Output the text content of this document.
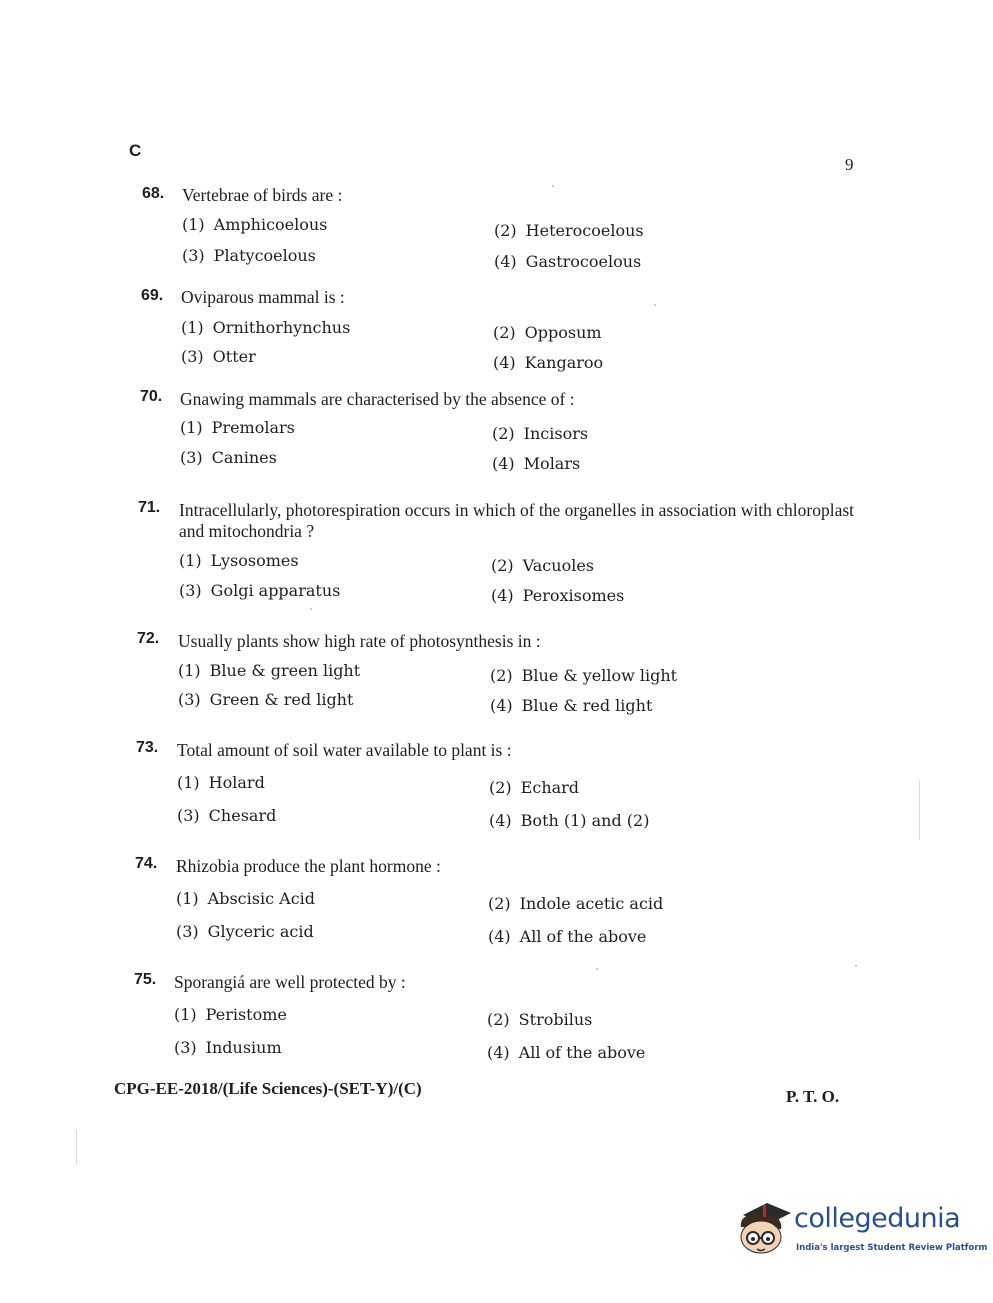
C
9
68. Vertebrae of birds are :
(1) Amphicoelous	(2) Heterocoelous
(3) Platycoelous	(4) Gastrocoelous
69. Oviparous mammal is :
(1) Ornithorhynchus	(2) Opposum
(3) Otter	(4) Kangaroo
70. Gnawing mammals are characterised by the absence of :
(1) Premolars	(2) Incisors
(3) Canines	(4) Molars
71. Intracellularly, photorespiration occurs in which of the organelles in association with chloroplast and mitochondria ?
(1) Lysosomes	(2) Vacuoles
(3) Golgi apparatus	(4) Peroxisomes
72. Usually plants show high rate of photosynthesis in :
(1) Blue & green light	(2) Blue & yellow light
(3) Green & red light	(4) Blue & red light
73. Total amount of soil water available to plant is :
(1) Holard	(2) Echard
(3) Chesard	(4) Both (1) and (2)
74. Rhizobia produce the plant hormone :
(1) Abscisic Acid	(2) Indole acetic acid
(3) Glyceric acid	(4) All of the above
75. Sporangiá are well protected by :
(1) Peristome	(2) Strobilus
(3) Indusium	(4) All of the above
CPG-EE-2018/(Life Sciences)-(SET-Y)/(C)	P. T. O.
collegedunia
India's largest Student Review Platform
